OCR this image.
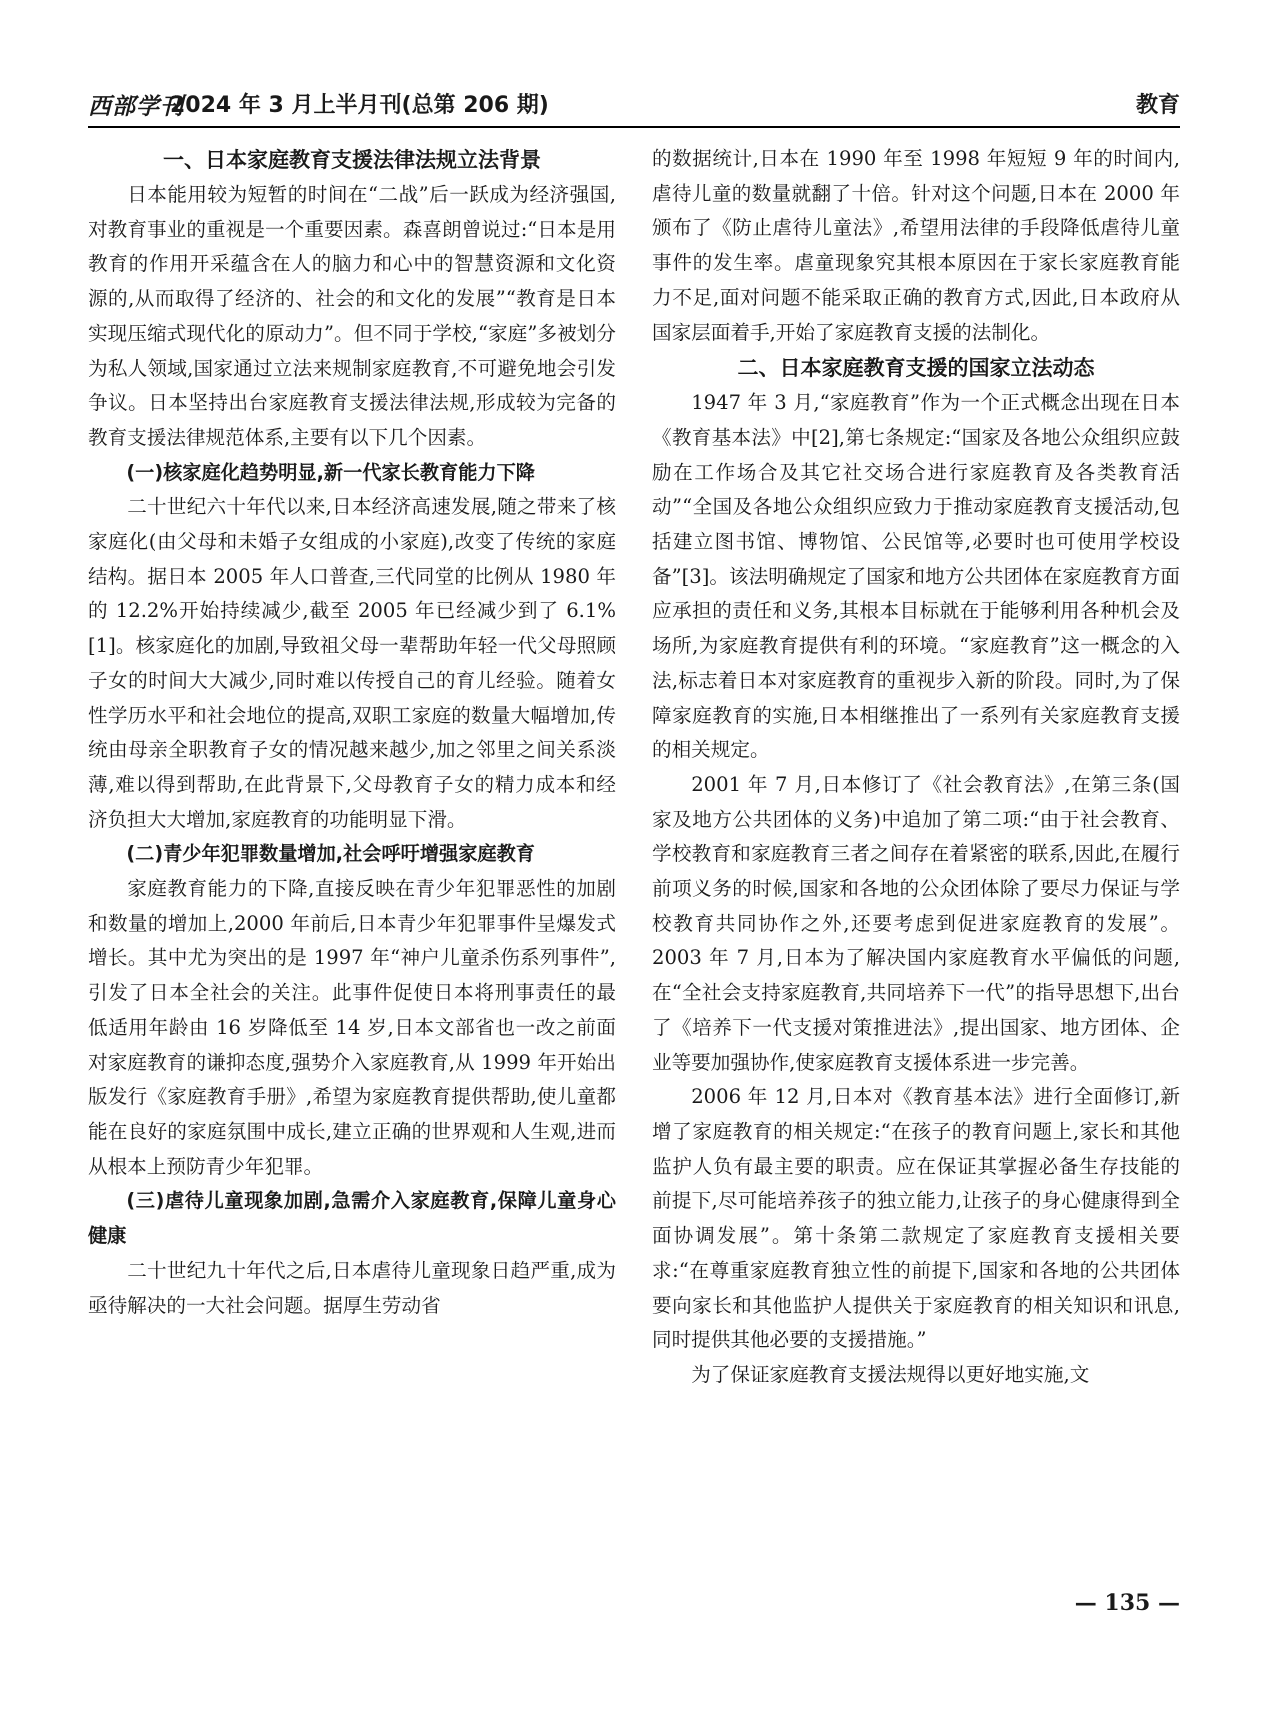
西部学刊
2024 年 3 月上半月刊(总第 206 期)	教育
一、日本家庭教育支援法律法规立法背景

日本能用较为短暂的时间在“二战”后一跃成为经济强国,对教育事业的重视是一个重要因素。森喜朗曾说过:“日本是用教育的作用开采蕴含在人的脑力和心中的智慧资源和文化资源的,从而取得了经济的、社会的和文化的发展”“教育是日本实现压缩式现代化的原动力”。但不同于学校,“家庭”多被划分为私人领域,国家通过立法来规制家庭教育,不可避免地会引发争议。日本坚持出台家庭教育支援法律法规,形成较为完备的教育支援法律规范体系,主要有以下几个因素。

(一)核家庭化趋势明显,新一代家长教育能力下降

二十世纪六十年代以来,日本经济高速发展,随之带来了核家庭化(由父母和未婚子女组成的小家庭),改变了传统的家庭结构。据日本 2005 年人口普查,三代同堂的比例从 1980 年的 12.2%开始持续减少,截至 2005 年已经减少到了 6.1%[1]。核家庭化的加剧,导致祖父母一辈帮助年轻一代父母照顾子女的时间大大减少,同时难以传授自己的育儿经验。随着女性学历水平和社会地位的提高,双职工家庭的数量大幅增加,传统由母亲全职教育子女的情况越来越少,加之邻里之间关系淡薄,难以得到帮助,在此背景下,父母教育子女的精力成本和经济负担大大增加,家庭教育的功能明显下滑。

(二)青少年犯罪数量增加,社会呼吁增强家庭教育

家庭教育能力的下降,直接反映在青少年犯罪恶性的加剧和数量的增加上,2000 年前后,日本青少年犯罪事件呈爆发式增长。其中尤为突出的是 1997 年“神户儿童杀伤系列事件”,引发了日本全社会的关注。此事件促使日本将刑事责任的最低适用年龄由 16 岁降低至 14 岁,日本文部省也一改之前面对家庭教育的谦抑态度,强势介入家庭教育,从 1999 年开始出版发行《家庭教育手册》,希望为家庭教育提供帮助,使儿童都能在良好的家庭氛围中成长,建立正确的世界观和人生观,进而从根本上预防青少年犯罪。

(三)虐待儿童现象加剧,急需介入家庭教育,保障儿童身心健康

二十世纪九十年代之后,日本虐待儿童现象日趋严重,成为亟待解决的一大社会问题。据厚生劳动省

的数据统计,日本在 1990 年至 1998 年短短 9 年的时间内,虐待儿童的数量就翻了十倍。针对这个问题,日本在 2000 年颁布了《防止虐待儿童法》,希望用法律的手段降低虐待儿童事件的发生率。虐童现象究其根本原因在于家长家庭教育能力不足,面对问题不能采取正确的教育方式,因此,日本政府从国家层面着手,开始了家庭教育支援的法制化。

二、日本家庭教育支援的国家立法动态

1947 年 3 月,“家庭教育”作为一个正式概念出现在日本《教育基本法》中[2],第七条规定:“国家及各地公众组织应鼓励在工作场合及其它社交场合进行家庭教育及各类教育活动”“全国及各地公众组织应致力于推动家庭教育支援活动,包括建立图书馆、博物馆、公民馆等,必要时也可使用学校设备”[3]。该法明确规定了国家和地方公共团体在家庭教育方面应承担的责任和义务,其根本目标就在于能够利用各种机会及场所,为家庭教育提供有利的环境。“家庭教育”这一概念的入法,标志着日本对家庭教育的重视步入新的阶段。同时,为了保障家庭教育的实施,日本相继推出了一系列有关家庭教育支援的相关规定。

2001 年 7 月,日本修订了《社会教育法》,在第三条(国家及地方公共团体的义务)中追加了第二项:“由于社会教育、学校教育和家庭教育三者之间存在着紧密的联系,因此,在履行前项义务的时候,国家和各地的公众团体除了要尽力保证与学校教育共同协作之外,还要考虑到促进家庭教育的发展”。2003 年 7 月,日本为了解决国内家庭教育水平偏低的问题,在“全社会支持家庭教育,共同培养下一代”的指导思想下,出台了《培养下一代支援对策推进法》,提出国家、地方团体、企业等要加强协作,使家庭教育支援体系进一步完善。

2006 年 12 月,日本对《教育基本法》进行全面修订,新增了家庭教育的相关规定:“在孩子的教育问题上,家长和其他监护人负有最主要的职责。应在保证其掌握必备生存技能的前提下,尽可能培养孩子的独立能力,让孩子的身心健康得到全面协调发展”。第十条第二款规定了家庭教育支援相关要求:“在尊重家庭教育独立性的前提下,国家和各地的公共团体要向家长和其他监护人提供关于家庭教育的相关知识和讯息,同时提供其他必要的支援措施。”

为了保证家庭教育支援法规得以更好地实施,文

— 135 —
